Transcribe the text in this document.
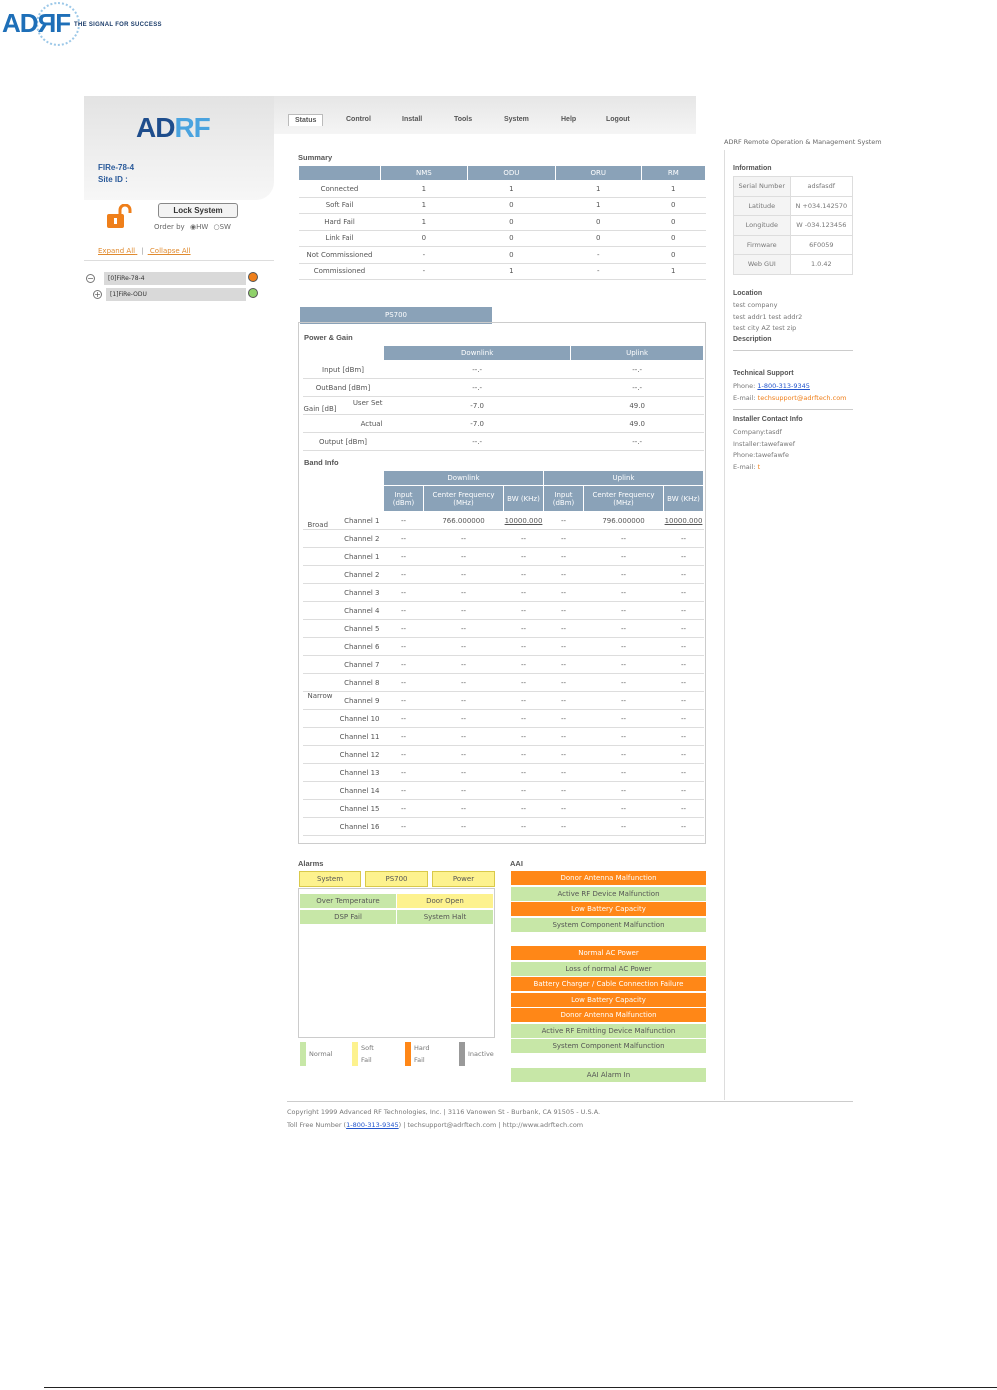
ADЯF THE SIGNAL FOR SUCCESS
ADRF
FIRe-78-4
Site ID :
Status	Control	Install	Tools	System	Help	Logout
ADRF Remote Operation & Management System
Lock System
Order by ◉HW ○SW
Expand All | Collapse All
−	[0]FiRe-78-4
+	[1]FiRe-ODU
Summary
	NMS	ODU	ORU	RM
Connected	1	1	1	1
Soft Fail	1	0	1	0
Hard Fail	1	0	0	0
Link Fail	0	0	0	0
Not Commissioned	-	0	-	0
Commissioned	-	1	-	1
PS700
Power & Gain
	Downlink	Uplink
Input [dBm]	--.-	--.-
OutBand [dBm]	--.-	--.-

Gain [dB]
User Set	-7.0	49.0
Actual	-7.0	49.0
Output [dBm]	--.-	--.-
Band Info
	Downlink			Uplink		
	Input (dBm)	Center Frequency (MHz)	BW (KHz)	Input (dBm)	Center Frequency (MHz)	BW (KHz)

Broad
Channel 1	--	766.000000	10000.000	--	796.000000	10000.000
Channel 2	--	--	--	--	--	--

Narrow
Channel 1	--	--	--	--	--	--
Channel 2	--	--	--	--	--	--
Channel 3	--	--	--	--	--	--
Channel 4	--	--	--	--	--	--
Channel 5	--	--	--	--	--	--
Channel 6	--	--	--	--	--	--
Channel 7	--	--	--	--	--	--
Channel 8	--	--	--	--	--	--
Channel 9	--	--	--	--	--	--
Channel 10	--	--	--	--	--	--
Channel 11	--	--	--	--	--	--
Channel 12	--	--	--	--	--	--
Channel 13	--	--	--	--	--	--
Channel 14	--	--	--	--	--	--
Channel 15	--	--	--	--	--	--
Channel 16	--	--	--	--	--	--
Information
Serial Number	adsfasdf
Latitude	N +034.142570
Longitude	W -034.123456
Firmware	6F0059
Web GUI	1.0.42
Location
test company
test addr1 test addr2
test city AZ test zip
Description
Technical Support
Phone: 1-800-313-9345
E-mail: techsupport@adrftech.com
Installer Contact Info
Company:tasdf
Installer:tawefawef
Phone:tawefawfe
E-mail: t
Alarms
System	PS700	Power
Over Temperature	Door Open
DSP Fail	System Halt
Normal
Soft
Fail
Hard
Fail
Inactive
AAI
Donor Antenna Malfunction
Active RF Device Malfunction
Low Battery Capacity
System Component Malfunction
Normal AC Power
Loss of normal AC Power
Battery Charger / Cable Connection Failure
Low Battery Capacity
Donor Antenna Malfunction
Active RF Emitting Device Malfunction
System Component Malfunction
AAI Alarm In
Copyright 1999 Advanced RF Technologies, Inc. | 3116 Vanowen St - Burbank, CA 91505 - U.S.A.
Toll Free Number (1-800-313-9345) | techsupport@adrftech.com | http://www.adrftech.com
